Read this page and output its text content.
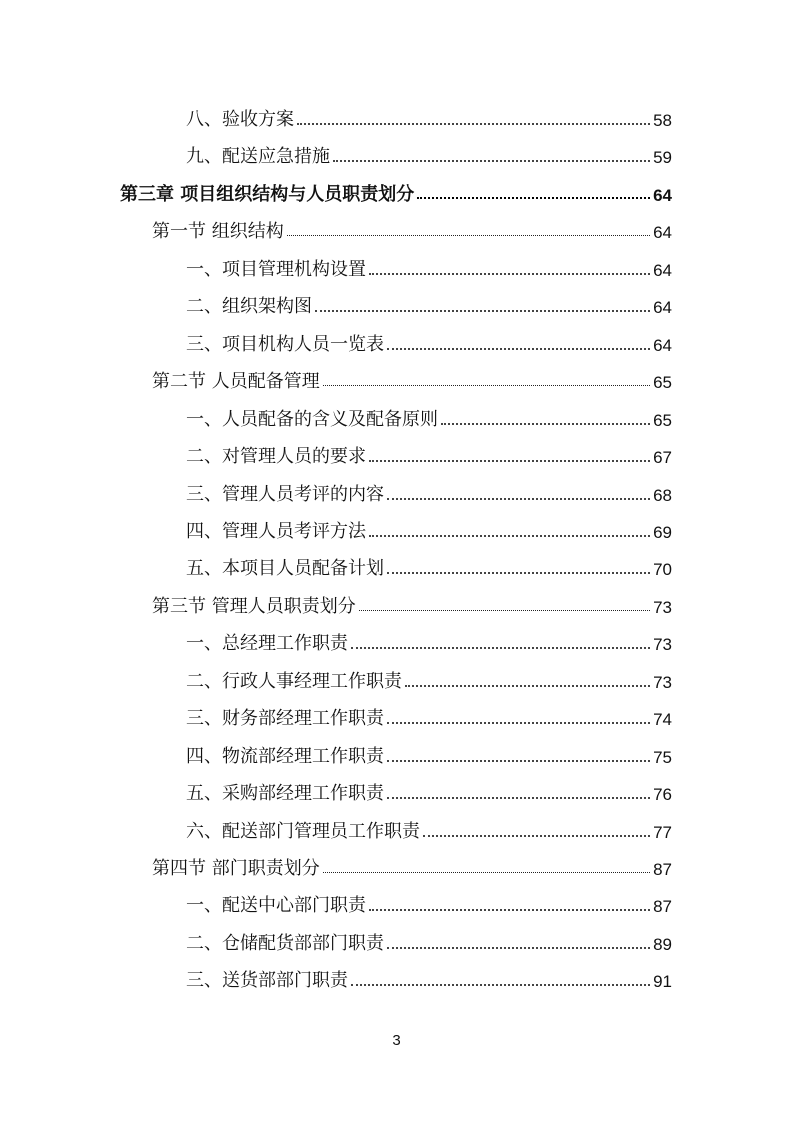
八、验收方案	58
九、配送应急措施	59
第三章 项目组织结构与人员职责划分	64
第一节 组织结构	64
一、项目管理机构设置	64
二、组织架构图	64
三、项目机构人员一览表	64
第二节 人员配备管理	65
一、人员配备的含义及配备原则	65
二、对管理人员的要求	67
三、管理人员考评的内容	68
四、管理人员考评方法	69
五、本项目人员配备计划	70
第三节 管理人员职责划分	73
一、总经理工作职责	73
二、行政人事经理工作职责	73
三、财务部经理工作职责	74
四、物流部经理工作职责	75
五、采购部经理工作职责	76
六、配送部门管理员工作职责	77
第四节 部门职责划分	87
一、配送中心部门职责	87
二、仓储配货部部门职责	89
三、送货部部门职责	91
3
